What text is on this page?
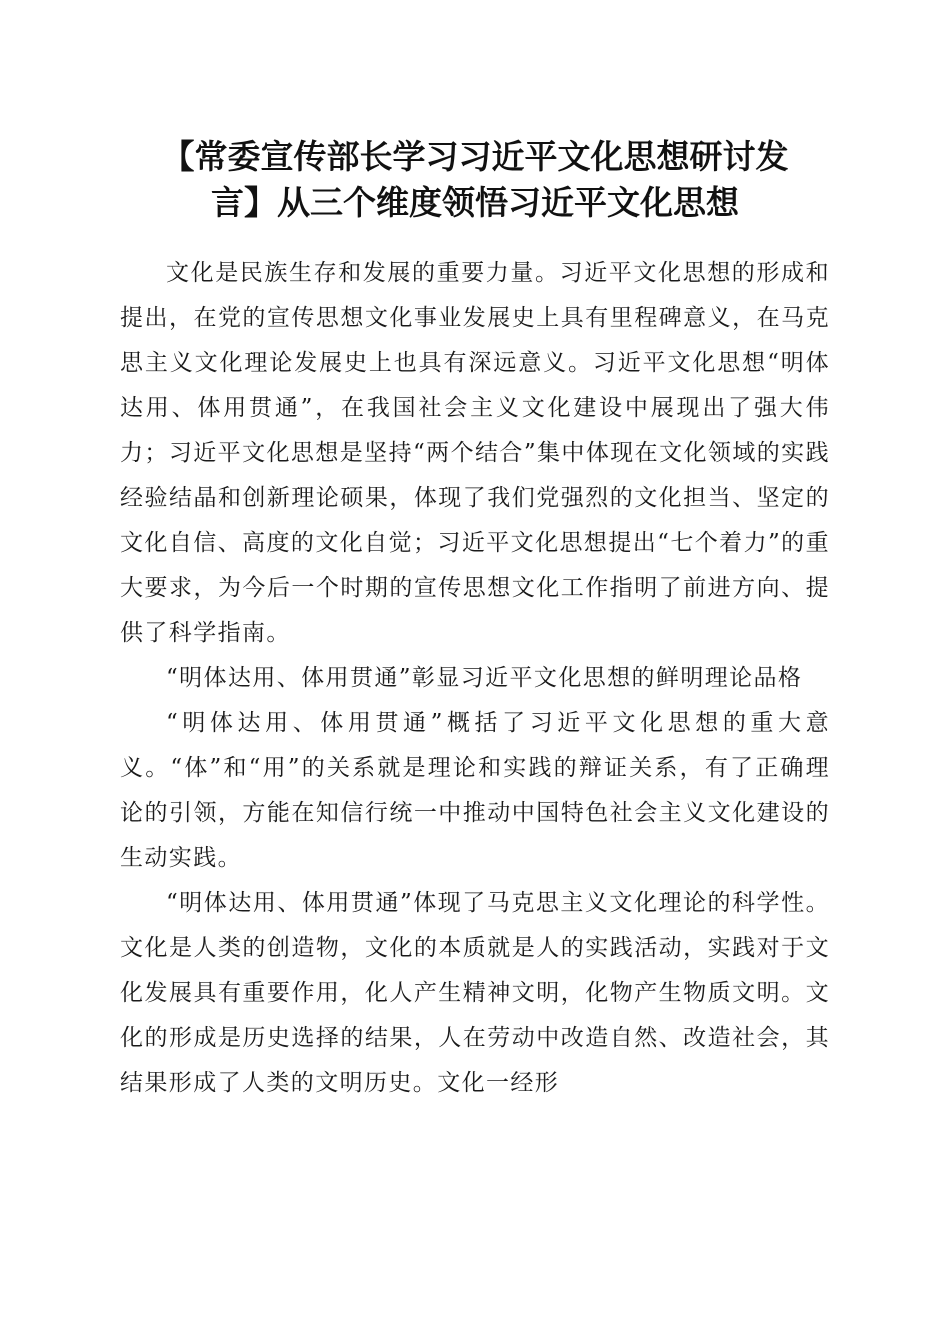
【常委宣传部长学习习近平文化思想研讨发
言】从三个维度领悟习近平文化思想

文化是民族生存和发展的重要力量。习近平文化思想的形成和提出，在党的宣传思想文化事业发展史上具有里程碑意义，在马克思主义文化理论发展史上也具有深远意义。习近平文化思想“明体达用、体用贯通”，在我国社会主义文化建设中展现出了强大伟力；习近平文化思想是坚持“两个结合”集中体现在文化领域的实践经验结晶和创新理论硕果，体现了我们党强烈的文化担当、坚定的文化自信、高度的文化自觉；习近平文化思想提出“七个着力”的重大要求，为今后一个时期的宣传思想文化工作指明了前进方向、提供了科学指南。

“明体达用、体用贯通”彰显习近平文化思想的鲜明理论品格

“明体达用、体用贯通”概括了习近平文化思想的重大意义。“体”和“用”的关系就是理论和实践的辩证关系，有了正确理论的引领，方能在知信行统一中推动中国特色社会主义文化建设的生动实践。

“明体达用、体用贯通”体现了马克思主义文化理论的科学性。文化是人类的创造物，文化的本质就是人的实践活动，实践对于文化发展具有重要作用，化人产生精神文明，化物产生物质文明。文化的形成是历史选择的结果，人在劳动中改造自然、改造社会，其结果形成了人类的文明历史。文化一经形
